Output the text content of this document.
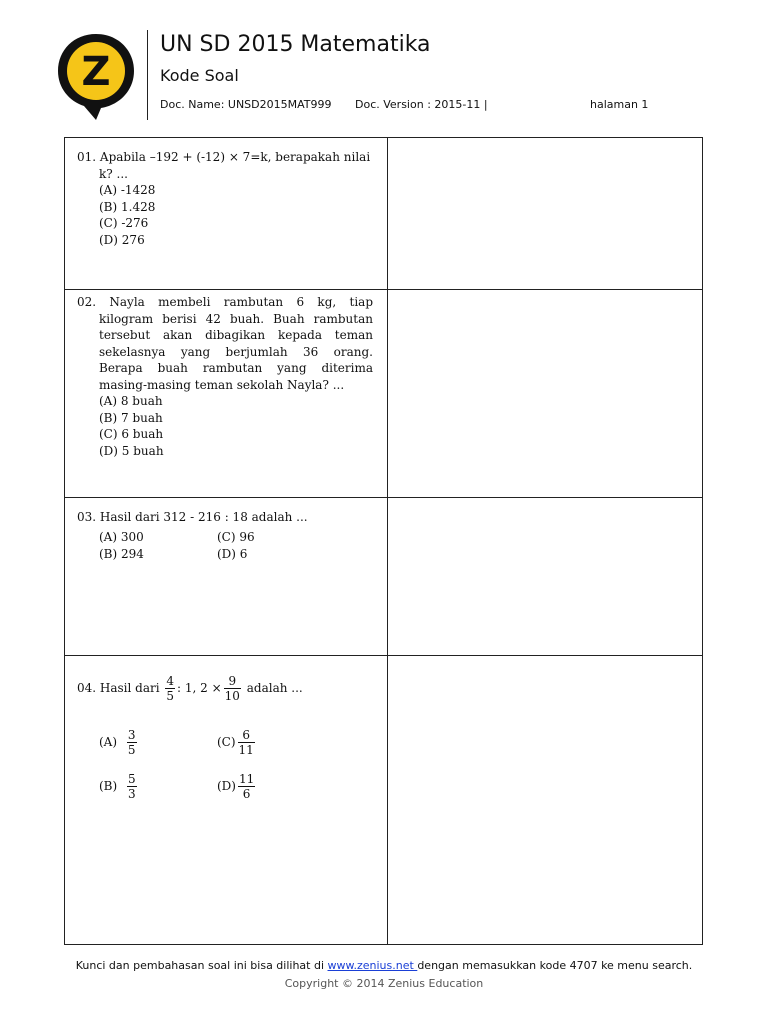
Z
UN SD 2015 Matematika
Kode Soal
Doc. Name: UNSD2015MAT999 Doc. Version : 2015-11 |	halaman 1
01. Apabila –192 + (-12) × 7=k, berapakah nilai
k? ...
(A) -1428
(B) 1.428
(C) -276
(D) 276
02. Nayla membeli rambutan 6 kg, tiap kilogram berisi 42 buah. Buah rambutan tersebut akan dibagikan kepada teman sekelasnya yang berjumlah 36 orang. Berapa buah rambutan yang diterima masing-masing teman sekolah Nayla? ...
(A) 8 buah
(B) 7 buah
(C) 6 buah
(D) 5 buah
03. Hasil dari 312 - 216 : 18 adalah ...
(A) 300	(C) 96
(B) 294	(D) 6
04. Hasil dari $\frac{4}{5}$ : 1, $2 \times \frac{9}{10}$ adalah ...
$(A) \frac{3}{5}$	$(C) \frac{6}{11}$
$(B) \frac{5}{3}$	$(D) \frac{11}{6}$
Kunci dan pembahasan soal ini bisa dilihat di www.zenius.net dengan memasukkan kode 4707 ke menu search.
Copyright © 2014 Zenius Education
